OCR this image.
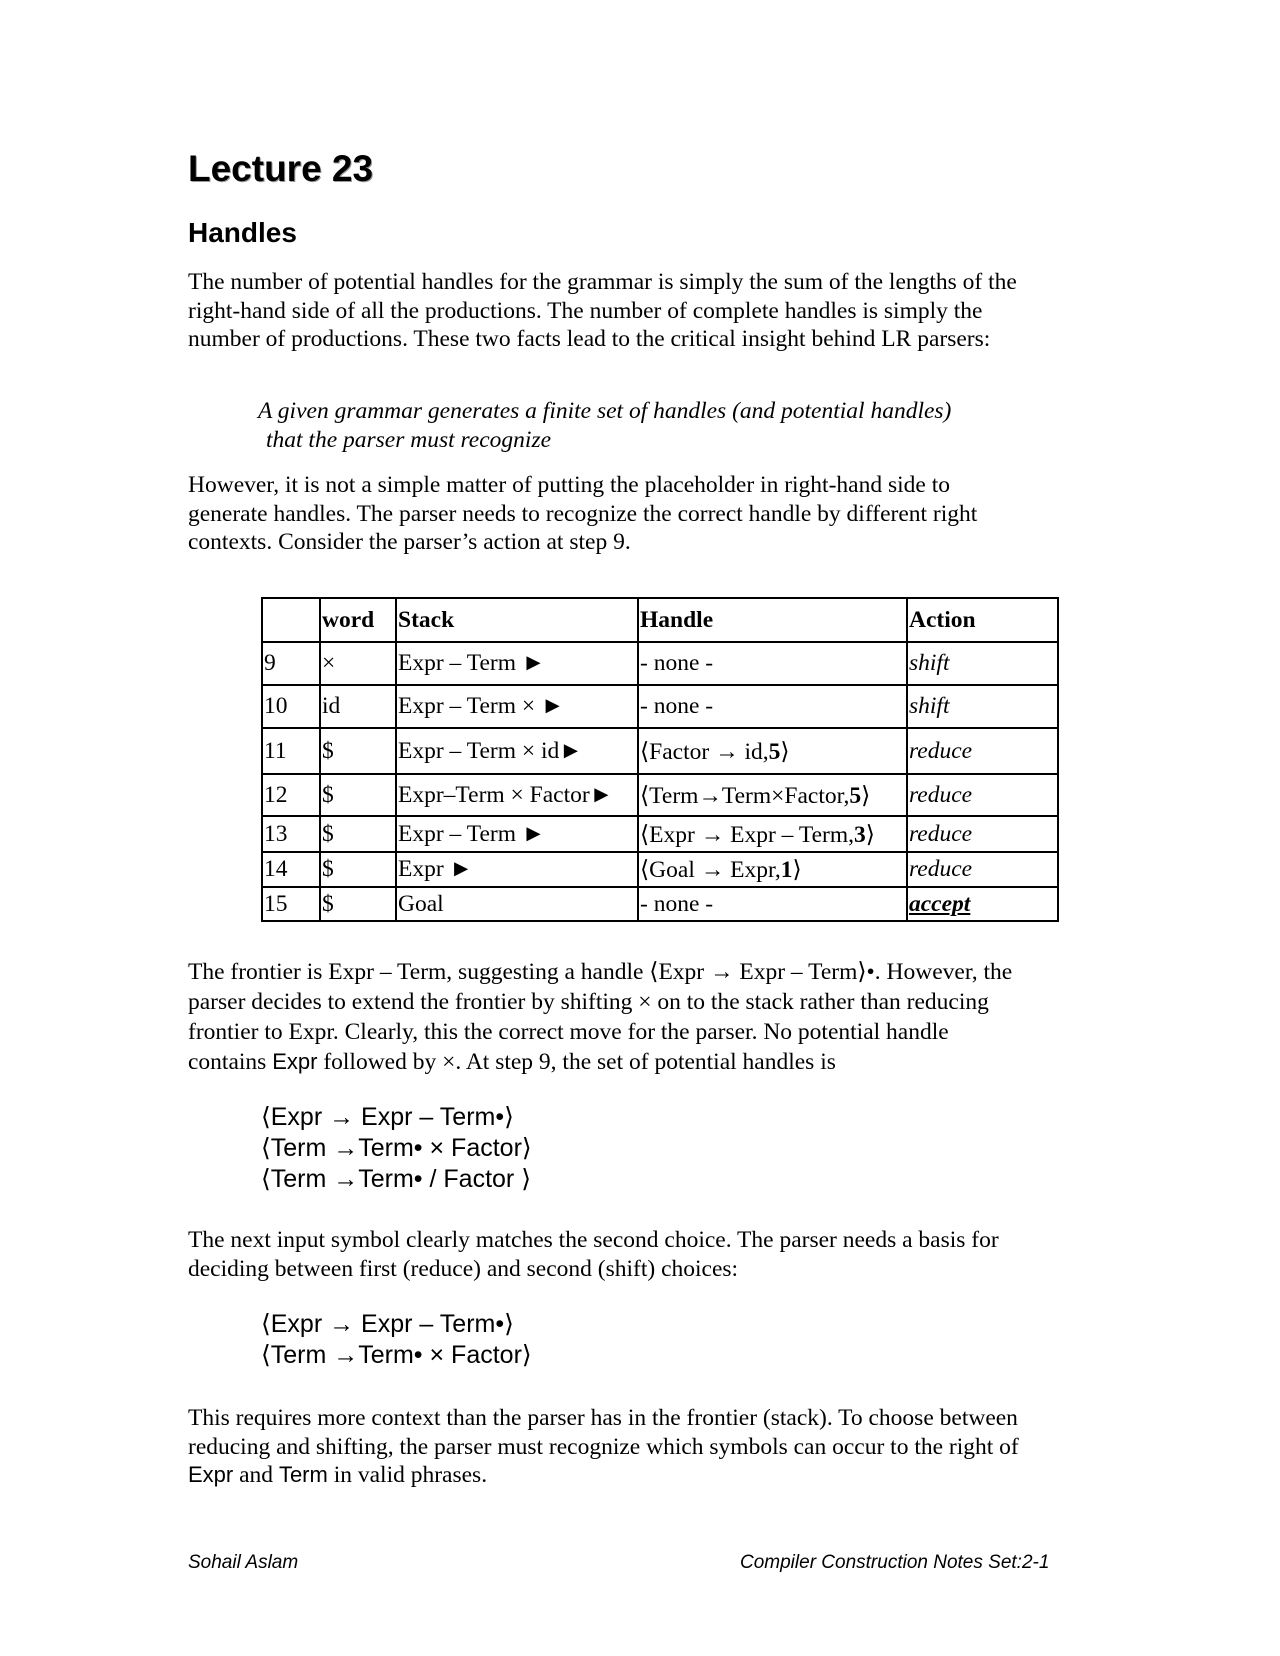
Lecture 23
Handles

The number of potential handles for the grammar is simply the sum of the lengths of the
right-hand side of all the productions. The number of complete handles is simply the
number of productions. These two facts lead to the critical insight behind LR parsers:

A given grammar generates a finite set of handles (and potential handles)
that the parser must recognize

However, it is not a simple matter of putting the placeholder in right-hand side to
generate handles. The parser needs to recognize the correct handle by different right
contexts. Consider the parser’s action at step 9.

	word	Stack	Handle	Action
9	×	Expr – Term ►	- none -	shift
10	id	Expr – Term × ►	- none -	shift
11	$	Expr – Term × id►	⟨Factor → id,5⟩	reduce
12	$	Expr–Term × Factor►	⟨Term→Term×Factor,5⟩	reduce
13	$	Expr – Term ►	⟨Expr → Expr – Term,3⟩	reduce
14	$	Expr ►	⟨Goal → Expr,1⟩	reduce
15	$	Goal	- none -	accept

The frontier is Expr – Term, suggesting a handle ⟨Expr → Expr – Term⟩•. However, the
parser decides to extend the frontier by shifting × on to the stack rather than reducing
frontier to Expr. Clearly, this the correct move for the parser. No potential handle
contains Expr followed by ×. At step 9, the set of potential handles is

⟨Expr → Expr – Term•⟩
⟨Term →Term• × Factor⟩
⟨Term →Term• / Factor ⟩

The next input symbol clearly matches the second choice. The parser needs a basis for
deciding between first (reduce) and second (shift) choices:

⟨Expr → Expr – Term•⟩
⟨Term →Term• × Factor⟩

This requires more context than the parser has in the frontier (stack). To choose between
reducing and shifting, the parser must recognize which symbols can occur to the right of
Expr and Term in valid phrases.

Sohail Aslam	Compiler Construction Notes Set:2-1
